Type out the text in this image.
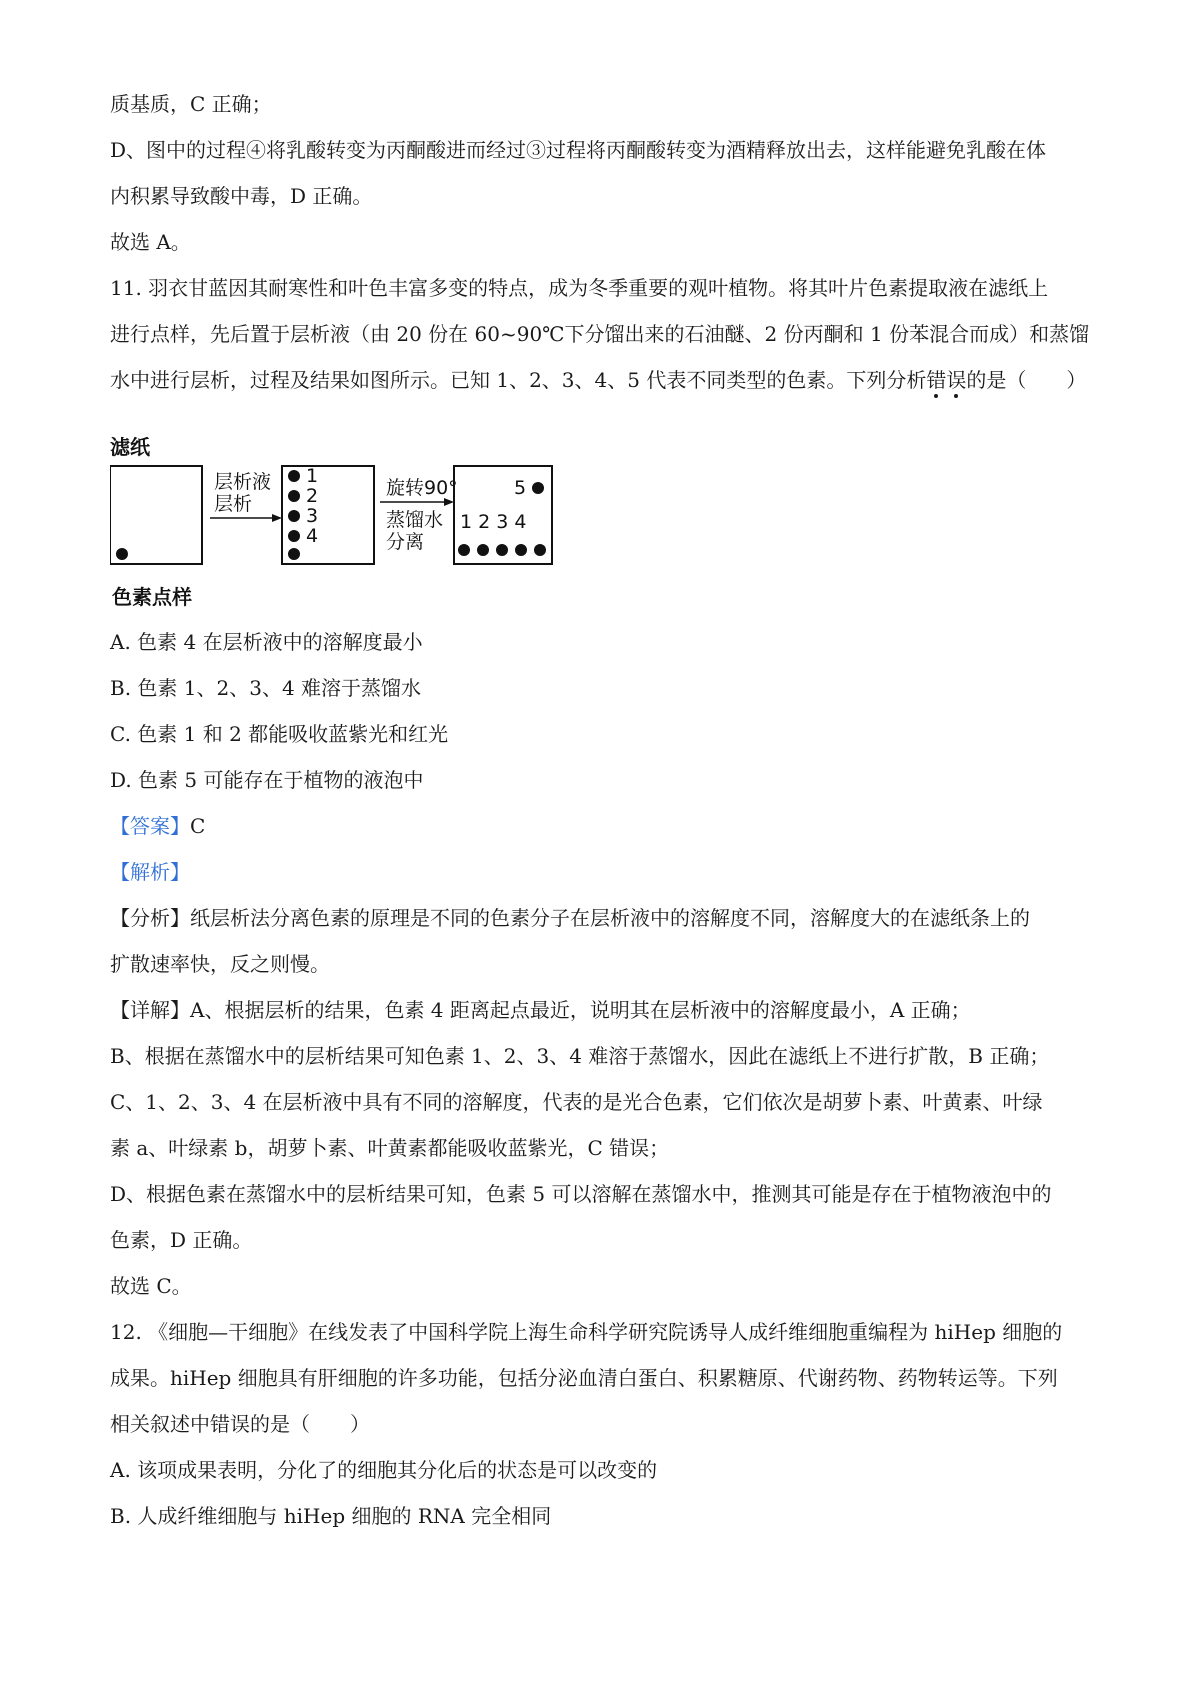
质基质，C 正确；
D、图中的过程④将乳酸转变为丙酮酸进而经过③过程将丙酮酸转变为酒精释放出去，这样能避免乳酸在体
内积累导致酸中毒，D 正确。
故选 A。
11. 羽衣甘蓝因其耐寒性和叶色丰富多变的特点，成为冬季重要的观叶植物。将其叶片色素提取液在滤纸上
进行点样，先后置于层析液（由 20 份在 60~90℃下分馏出来的石油醚、2 份丙酮和 1 份苯混合而成）和蒸馏
水中进行层析，过程及结果如图所示。已知 1、2、3、4、5 代表不同类型的色素。下列分析错误的是（　　）
滤纸
色素点样
层析液
层析
1
2
3
4
旋转90°
蒸馏水
分离
5
1 2 3 4
A. 色素 4 在层析液中的溶解度最小
B. 色素 1、2、3、4 难溶于蒸馏水
C. 色素 1 和 2 都能吸收蓝紫光和红光
D. 色素 5 可能存在于植物的液泡中
【答案】C
【解析】
【分析】纸层析法分离色素的原理是不同的色素分子在层析液中的溶解度不同，溶解度大的在滤纸条上的
扩散速率快，反之则慢。
【详解】A、根据层析的结果，色素 4 距离起点最近，说明其在层析液中的溶解度最小，A 正确；
B、根据在蒸馏水中的层析结果可知色素 1、2、3、4 难溶于蒸馏水，因此在滤纸上不进行扩散，B 正确；
C、1、2、3、4 在层析液中具有不同的溶解度，代表的是光合色素，它们依次是胡萝卜素、叶黄素、叶绿
素 a、叶绿素 b，胡萝卜素、叶黄素都能吸收蓝紫光，C 错误；
D、根据色素在蒸馏水中的层析结果可知，色素 5 可以溶解在蒸馏水中，推测其可能是存在于植物液泡中的
色素，D 正确。
故选 C。
12. 《细胞—干细胞》在线发表了中国科学院上海生命科学研究院诱导人成纤维细胞重编程为 hiHep 细胞的
成果。hiHep 细胞具有肝细胞的许多功能，包括分泌血清白蛋白、积累糖原、代谢药物、药物转运等。下列
相关叙述中错误的是（　　）
A. 该项成果表明，分化了的细胞其分化后的状态是可以改变的
B. 人成纤维细胞与 hiHep 细胞的 RNA 完全相同
